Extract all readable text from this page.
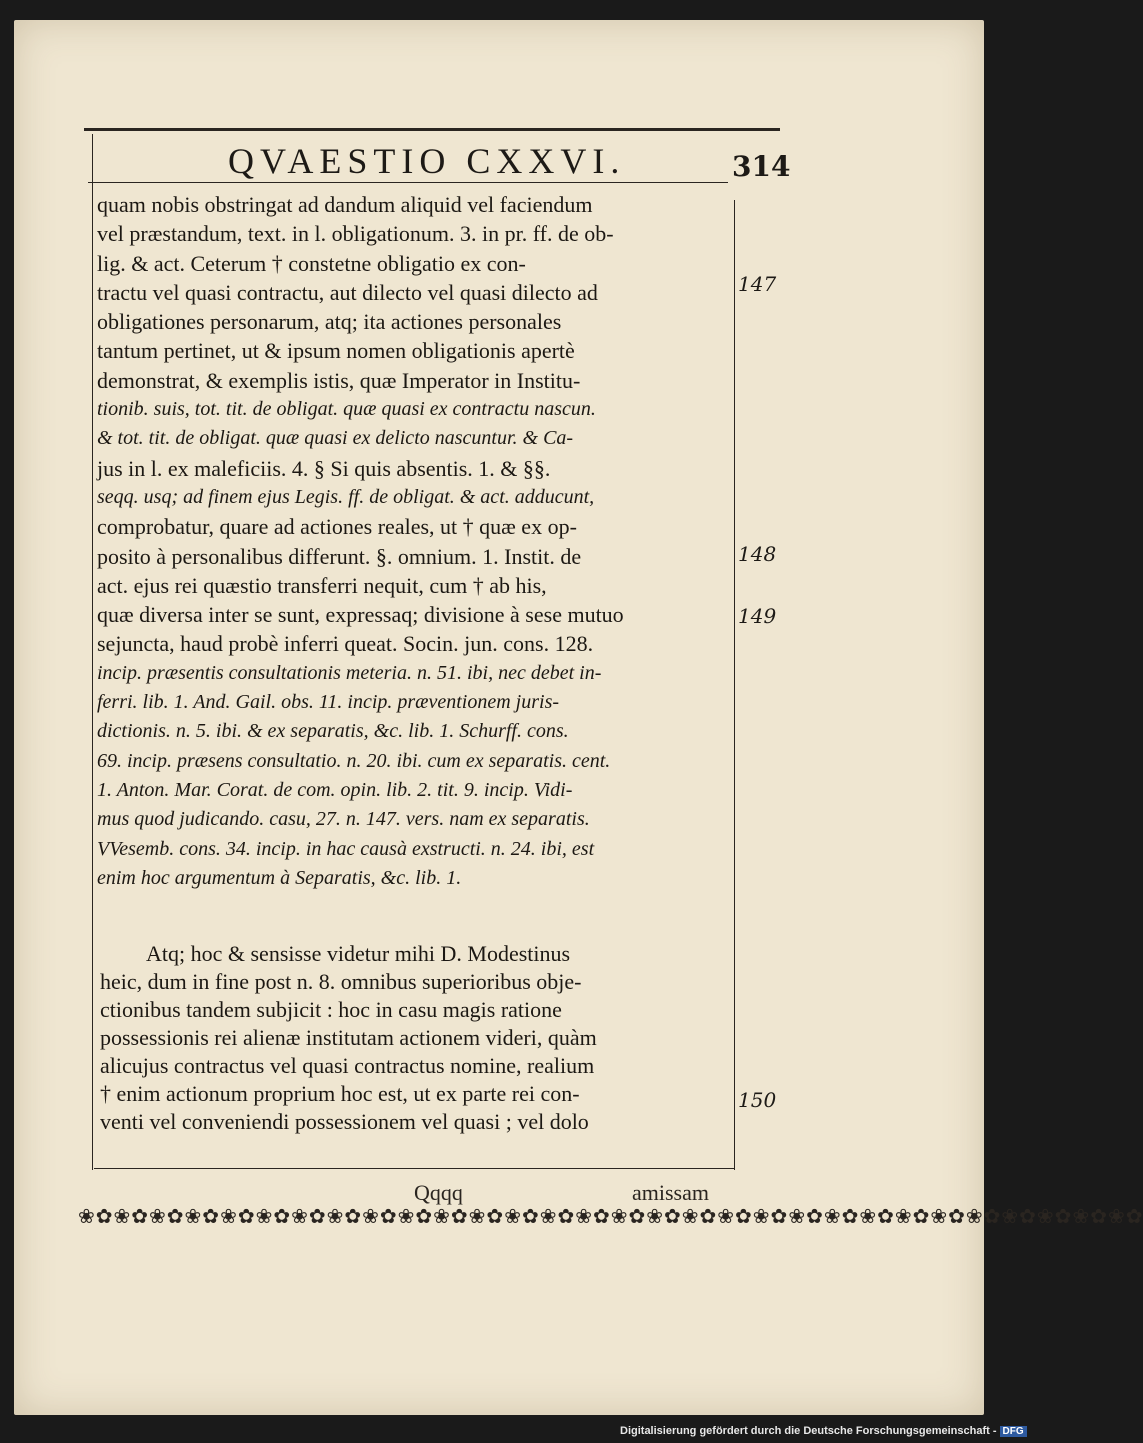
QVAESTIO CXXVI.	314
quam nobis obstringat ad dandum aliquid vel faciendum
vel præstandum, text. in l. obligationum. 3. in pr. ff. de ob-
lig. & act. Ceterum † constetne obligatio ex con-
tractu vel quasi contractu, aut dilecto vel quasi dilecto ad
obligationes personarum, atq; ita actiones personales
tantum pertinet, ut & ipsum nomen obligationis apertè
demonstrat, & exemplis istis, quæ Imperator in Institu-
tionib. suis, tot. tit. de obligat. quæ quasi ex contractu nascun.
& tot. tit. de obligat. quæ quasi ex delicto nascuntur. & Ca-
jus in l. ex maleficiis. 4. § Si quis absentis. 1. & §§.
seqq. usq; ad finem ejus Legis. ff. de obligat. & act. adducunt,
comprobatur, quare ad actiones reales, ut † quæ ex op-
posito à personalibus differunt. §. omnium. 1. Instit. de
act. ejus rei quæstio transferri nequit, cum † ab his,
quæ diversa inter se sunt, expressaq; divisione à sese mutuo
sejuncta, haud probè inferri queat. Socin. jun. cons. 128.
incip. præsentis consultationis meteria. n. 51. ibi, nec debet in-
ferri. lib. 1. And. Gail. obs. 11. incip. præventionem juris-
dictionis. n. 5. ibi. & ex separatis, &c. lib. 1. Schurff. cons.
69. incip. præsens consultatio. n. 20. ibi. cum ex separatis. cent.
1. Anton. Mar. Corat. de com. opin. lib. 2. tit. 9. incip. Vidi-
mus quod judicando. casu, 27. n. 147. vers. nam ex separatis.
VVesemb. cons. 34. incip. in hac causà exstructi. n. 24. ibi, est
enim hoc argumentum à Separatis, &c. lib. 1.
147
148
149
150
Atq; hoc & sensisse videtur mihi D. Modestinus
heic, dum in fine post n. 8. omnibus superioribus obje-
ctionibus tandem subjicit : hoc in casu magis ratione
possessionis rei alienæ institutam actionem videri, quàm
alicujus contractus vel quasi contractus nomine, realium
† enim actionum proprium hoc est, ut ex parte rei con-
venti vel conveniendi possessionem vel quasi ; vel dolo
Qqqq	amissam
❀✿❀✿❀✿❀✿❀✿❀✿❀✿❀✿❀✿❀✿❀✿❀✿❀✿❀✿❀✿❀✿❀✿❀✿❀✿❀✿❀✿❀✿❀✿❀✿❀✿❀✿❀✿❀✿❀✿❀✿
Digitalisierung gefördert durch die Deutsche Forschungsgemeinschaft - DFG
